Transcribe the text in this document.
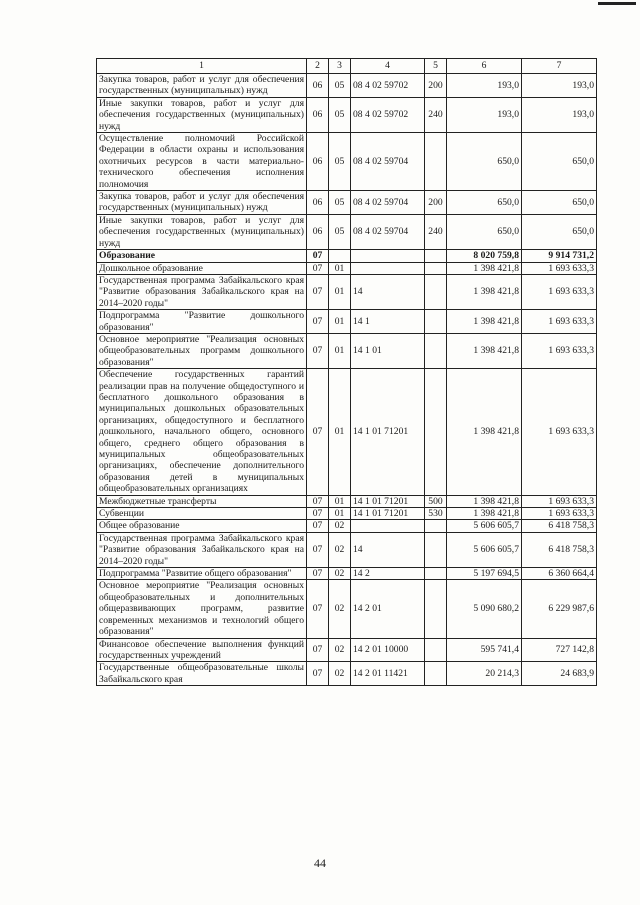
1	2	3	4	5	6	7
Закупка товаров, работ и услуг для обеспечения государственных (муниципальных) нужд	06	05	08 4 02 59702	200	193,0	193,0
Иные закупки товаров, работ и услуг для обеспечения государственных (муниципальных) нужд	06	05	08 4 02 59702	240	193,0	193,0
Осуществление полномочий Российской Федерации в области охраны и использования охотничьих ресурсов в части материально-технического обеспечения исполнения полномочия	06	05	08 4 02 59704		650,0	650,0
Закупка товаров, работ и услуг для обеспечения государственных (муниципальных) нужд	06	05	08 4 02 59704	200	650,0	650,0
Иные закупки товаров, работ и услуг для обеспечения государственных (муниципальных) нужд	06	05	08 4 02 59704	240	650,0	650,0
Образование	07				8 020 759,8	9 914 731,2
Дошкольное образование	07	01			1 398 421,8	1 693 633,3
Государственная программа Забайкальского края "Развитие образования Забайкальского края на 2014–2020 годы"	07	01	14		1 398 421,8	1 693 633,3
Подпрограмма "Развитие дошкольного образования"	07	01	14 1		1 398 421,8	1 693 633,3
Основное мероприятие "Реализация основных общеобразовательных программ дошкольного образования"	07	01	14 1 01		1 398 421,8	1 693 633,3
Обеспечение государственных гарантий реализации прав на получение общедоступного и бесплатного дошкольного образования в муниципальных дошкольных образовательных организациях, общедоступного и бесплатного дошкольного, начального общего, основного общего, среднего общего образования в муниципальных общеобразовательных организациях, обеспечение дополнительного образования детей в муниципальных общеобразовательных организациях	07	01	14 1 01 71201		1 398 421,8	1 693 633,3
Межбюджетные трансферты	07	01	14 1 01 71201	500	1 398 421,8	1 693 633,3
Субвенции	07	01	14 1 01 71201	530	1 398 421,8	1 693 633,3
Общее образование	07	02			5 606 605,7	6 418 758,3
Государственная программа Забайкальского края "Развитие образования Забайкальского края на 2014–2020 годы"	07	02	14		5 606 605,7	6 418 758,3
Подпрограмма "Развитие общего образования"	07	02	14 2		5 197 694,5	6 360 664,4
Основное мероприятие "Реализация основных общеобразовательных и дополнительных общеразвивающих программ, развитие современных механизмов и технологий общего образования"	07	02	14 2 01		5 090 680,2	6 229 987,6
Финансовое обеспечение выполнения функций государственных учреждений	07	02	14 2 01 10000		595 741,4	727 142,8
Государственные общеобразовательные школы Забайкальского края	07	02	14 2 01 11421		20 214,3	24 683,9
44
